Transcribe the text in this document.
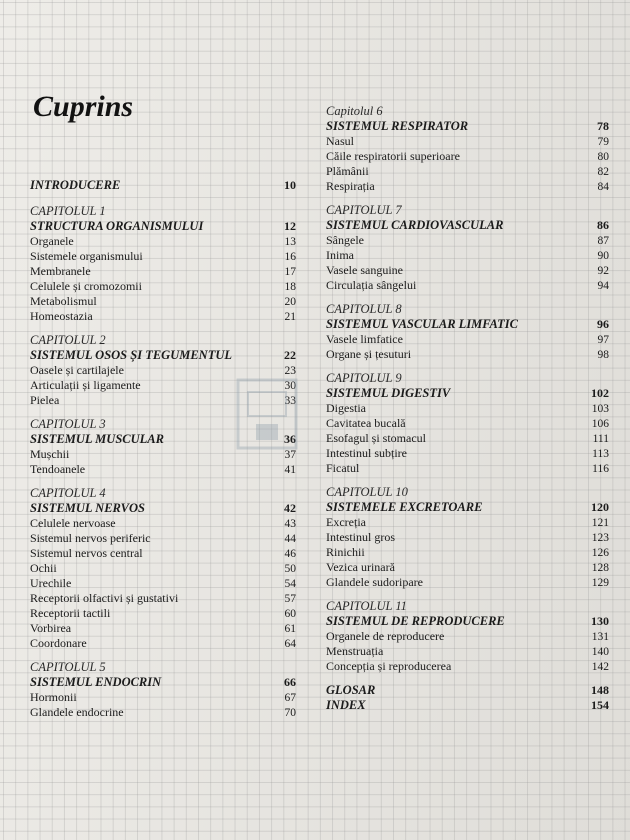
Cuprins
INTRODUCERE	10
CAPITOLUL 1
STRUCTURA ORGANISMULUI	12
Organele	13
Sistemele organismului	16
Membranele	17
Celulele și cromozomii	18
Metabolismul	20
Homeostazia	21
CAPITOLUL 2
SISTEMUL OSOS ȘI TEGUMENTUL	22
Oasele și cartilajele	23
Articulații și ligamente	30
Pielea	33
CAPITOLUL 3
SISTEMUL MUSCULAR	36
Mușchii	37
Tendoanele	41
CAPITOLUL 4
SISTEMUL NERVOS	42
Celulele nervoase	43
Sistemul nervos periferic	44
Sistemul nervos central	46
Ochii	50
Urechile	54
Receptorii olfactivi și gustativi	57
Receptorii tactili	60
Vorbirea	61
Coordonare	64
CAPITOLUL 5
SISTEMUL ENDOCRIN	66
Hormonii	67
Glandele endocrine	70
Capitolul 6
SISTEMUL RESPIRATOR	78
Nasul	79
Căile respiratorii superioare	80
Plămânii	82
Respirația	84
CAPITOLUL 7
SISTEMUL CARDIOVASCULAR	86
Sângele	87
Inima	90
Vasele sanguine	92
Circulația sângelui	94
CAPITOLUL 8
SISTEMUL VASCULAR LIMFATIC	96
Vasele limfatice	97
Organe și țesuturi	98
CAPITOLUL 9
SISTEMUL DIGESTIV	102
Digestia	103
Cavitatea bucală	106
Esofagul și stomacul	111
Intestinul subțire	113
Ficatul	116
CAPITOLUL 10
SISTEMELE EXCRETOARE	120
Excreția	121
Intestinul gros	123
Rinichii	126
Vezica urinară	128
Glandele sudoripare	129
CAPITOLUL 11
SISTEMUL DE REPRODUCERE	130
Organele de reproducere	131
Menstruația	140
Concepția și reproducerea	142
GLOSAR	148
INDEX	154
